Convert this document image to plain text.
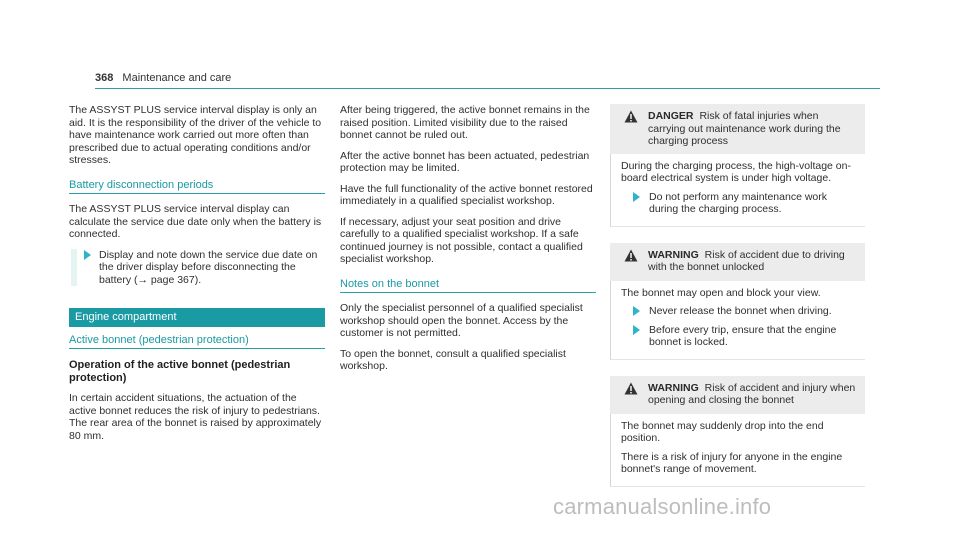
368 Maintenance and care

The ASSYST PLUS service interval display is only an aid. It is the responsibility of the driver of the vehicle to have maintenance work carried out more often than prescribed due to actual operating conditions and/or stresses.

Battery disconnection periods

The ASSYST PLUS service interval display can calculate the service due date only when the battery is connected.

Display and note down the service due date on the driver display before disconnecting the battery (→ page 367).
Engine compartment
Active bonnet (pedestrian protection)

Operation of the active bonnet (pedestrian protection)

In certain accident situations, the actuation of the active bonnet reduces the risk of injury to pedestrians. The rear area of the bonnet is raised by approximately 80 mm.

After being triggered, the active bonnet remains in the raised position. Limited visibility due to the raised bonnet cannot be ruled out.

After the active bonnet has been actuated, pedestrian protection may be limited.

Have the full functionality of the active bonnet restored immediately in a qualified specialist workshop.

If necessary, adjust your seat position and drive carefully to a qualified specialist workshop. If a safe continued journey is not possible, contact a qualified specialist workshop.

Notes on the bonnet

Only the specialist personnel of a qualified specialist workshop should open the bonnet. Access by the customer is not permitted.

To open the bonnet, consult a qualified specialist workshop.

DANGER Risk of fatal injuries when carrying out maintenance work during the charging process

During the charging process, the high-voltage on-board electrical system is under high voltage.

Do not perform any maintenance work during the charging process.
WARNING Risk of accident due to driving with the bonnet unlocked

The bonnet may open and block your view.

Never release the bonnet when driving.
Before every trip, ensure that the engine bonnet is locked.
WARNING Risk of accident and injury when opening and closing the bonnet

The bonnet may suddenly drop into the end position.

There is a risk of injury for anyone in the engine bonnet's range of movement.

carmanualsonline.info
